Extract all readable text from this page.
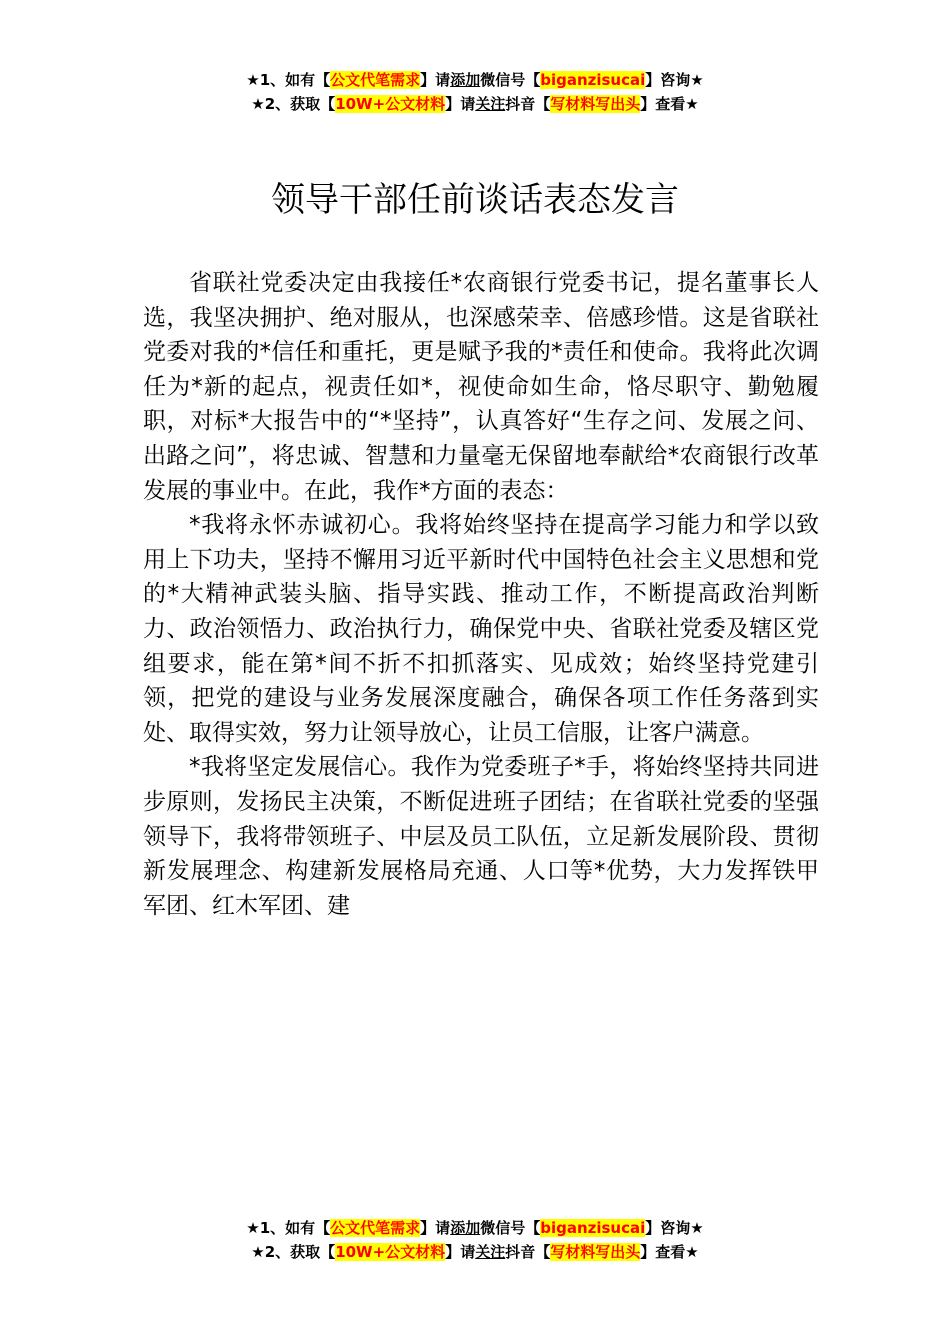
★1、如有【公文代笔需求】请添加微信号【biganzisucai】咨询★
★2、获取【10W+公文材料】请关注抖音【写材料写出头】查看★
领导干部任前谈话表态发言

省联社党委决定由我接任*农商银行党委书记，提名董事长人选，我坚决拥护、绝对服从，也深感荣幸、倍感珍惜。这是省联社党委对我的*信任和重托，更是赋予我的*责任和使命。我将此次调任为*新的起点，视责任如*，视使命如生命，恪尽职守、勤勉履职，对标*大报告中的“*坚持”，认真答好“生存之问、发展之问、出路之问”，将忠诚、智慧和力量毫无保留地奉献给*农商银行改革发展的事业中。在此，我作*方面的表态：

*我将永怀赤诚初心。我将始终坚持在提高学习能力和学以致用上下功夫，坚持不懈用习近平新时代中国特色社会主义思想和党的*大精神武装头脑、指导实践、推动工作，不断提高政治判断力、政治领悟力、政治执行力，确保党中央、省联社党委及辖区党组要求，能在第*间不折不扣抓落实、见成效；始终坚持党建引领，把党的建设与业务发展深度融合，确保各项工作任务落到实处、取得实效，努力让领导放心，让员工信服，让客户满意。

*我将坚定发展信心。我作为党委班子*手，将始终坚持共同进步原则，发扬民主决策，不断促进班子团结；在省联社党委的坚强领导下，我将带领班子、中层及员工队伍，立足新发展阶段、贯彻新发展理念、构建新发展格局充通、人口等*优势，大力发挥铁甲军团、红木军团、建

★1、如有【公文代笔需求】请添加微信号【biganzisucai】咨询★
★2、获取【10W+公文材料】请关注抖音【写材料写出头】查看★
